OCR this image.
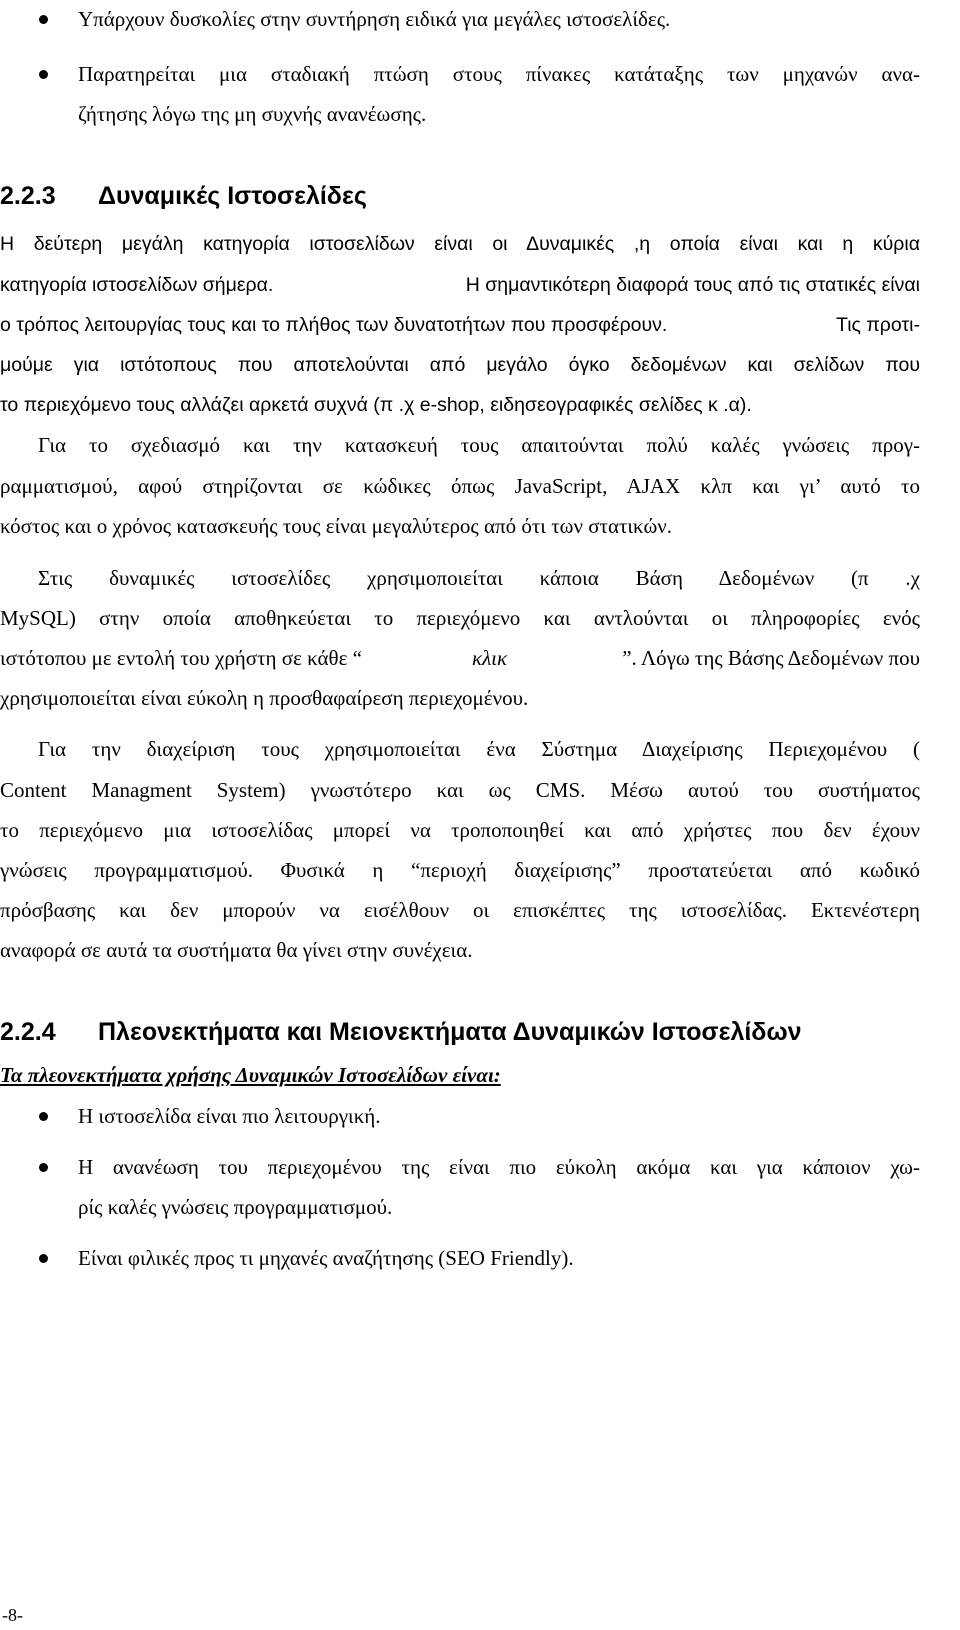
Υπάρχουν δυσκολίες στην συντήρηση ειδικά για μεγάλες ιστοσελίδες.
Παρατηρείται μια σταδιακή πτώση στους πίνακες κατάταξης των μηχανών ανα-
ζήτησης λόγω της μη συχνής ανανέωσης.
2.2.3 Δυναμικές Ιστοσελίδες
Η δεύτερη μεγάλη κατηγορία ιστοσελίδων είναι οι Δυναμικές ,η οποία είναι και η κύρια
κατηγορία ιστοσελίδων σήμερα.	Η σημαντικότερη διαφορά τους από τις στατικές είναι
ο τρόπος λειτουργίας τους και το πλήθος των δυνατοτήτων που προσφέρουν.	Τις προτι-
μούμε για ιστότοπους που αποτελούνται από μεγάλο όγκο δεδομένων και σελίδων που
το περιεχόμενο τους αλλάζει αρκετά συχνά (π .χ e-shop, ειδησεογραφικές σελίδες κ .α).
Για το σχεδιασμό και την κατασκευή τους απαιτούνται πολύ καλές γνώσεις προγ-
ραμματισμού, αφού στηρίζονται σε κώδικες όπως JavaScript, AJAX κλπ και γι’ αυτό το
κόστος και ο χρόνος κατασκευής τους είναι μεγαλύτερος από ότι των στατικών.
Στις δυναμικές ιστοσελίδες χρησιμοποιείται κάποια Βάση Δεδομένων (π .χ
MySQL) στην οποία αποθηκεύεται το περιεχόμενο και αντλούνται οι πληροφορίες ενός
ιστότοπου με εντολή του χρήστη σε κάθε “	κλικ	”. Λόγω της Βάσης Δεδομένων που
χρησιμοποιείται είναι εύκολη η προσθαφαίρεση περιεχομένου.
Για την διαχείριση τους χρησιμοποιείται ένα Σύστημα Διαχείρισης Περιεχομένου (
Content Managment System) γνωστότερο και ως CMS. Μέσω αυτού του συστήματος
το περιεχόμενο μια ιστοσελίδας μπορεί να τροποποιηθεί και από χρήστες που δεν έχουν
γνώσεις προγραμματισμού. Φυσικά η “περιοχή διαχείρισης” προστατεύεται από κωδικό
πρόσβασης και δεν μπορούν να εισέλθουν οι επισκέπτες της ιστοσελίδας. Εκτενέστερη
αναφορά σε αυτά τα συστήματα θα γίνει στην συνέχεια.
2.2.4 Πλεονεκτήματα και Μειονεκτήματα Δυναμικών Ιστοσελίδων
Τα πλεονεκτήματα χρήσης Δυναμικών Ιστοσελίδων είναι:
Η ιστοσελίδα είναι πιο λειτουργική.
Η ανανέωση του περιεχομένου της είναι πιο εύκολη ακόμα και για κάποιον χω-
ρίς καλές γνώσεις προγραμματισμού.
Είναι φιλικές προς τι μηχανές αναζήτησης (SEO Friendly).
-8-
